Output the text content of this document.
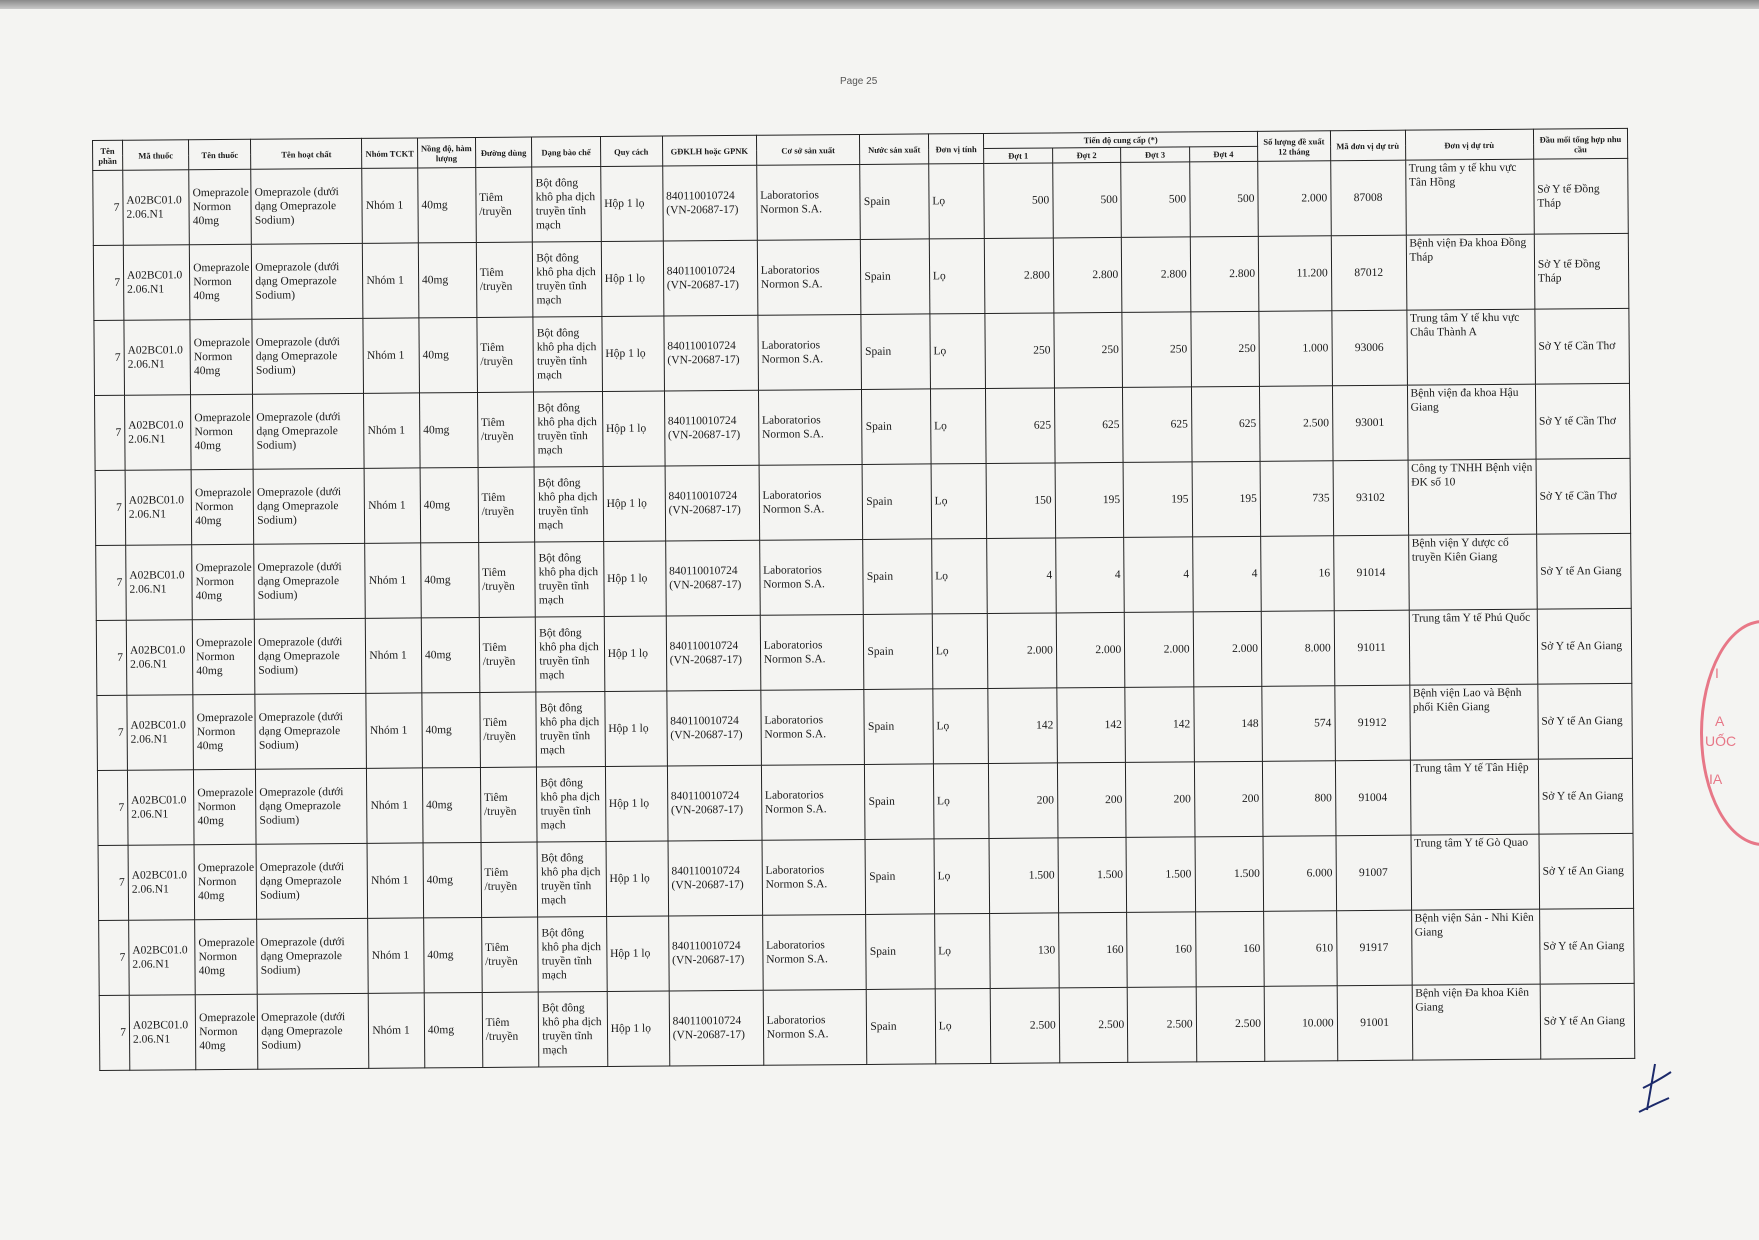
Page 25
Tên phần	Mã thuốc	Tên thuốc	Tên hoạt chất	Nhóm TCKT	Nồng độ, hàm lượng	Đường dùng	Dạng bào chế	Quy cách	GĐKLH hoặc GPNK	Cơ sở sản xuất	Nước sản xuất	Đơn vị tính	Tiến độ cung cấp (*)				Số lượng đề xuất 12 tháng	Mã đơn vị dự trù	Đơn vị dự trù	Đầu mối tổng hợp nhu cầu
													Đợt 1	Đợt 2	Đợt 3	Đợt 4				
7	A02BC01.0 2.06.N1	Omeprazole Normon 40mg	Omeprazole (dưới dạng Omeprazole Sodium)	Nhóm 1	40mg	Tiêm /truyền	Bột đông khô pha dịch truyền tĩnh mạch	Hộp 1 lọ	840110010724 (VN-20687-17)	Laboratorios Normon S.A.	Spain	Lọ	500	500	500	500	2.000	87008	Trung tâm y tế khu vực Tân Hồng	Sở Y tế Đồng Tháp
7	A02BC01.0 2.06.N1	Omeprazole Normon 40mg	Omeprazole (dưới dạng Omeprazole Sodium)	Nhóm 1	40mg	Tiêm /truyền	Bột đông khô pha dịch truyền tĩnh mạch	Hộp 1 lọ	840110010724 (VN-20687-17)	Laboratorios Normon S.A.	Spain	Lọ	2.800	2.800	2.800	2.800	11.200	87012	Bệnh viện Đa khoa Đồng Tháp	Sở Y tế Đồng Tháp
7	A02BC01.0 2.06.N1	Omeprazole Normon 40mg	Omeprazole (dưới dạng Omeprazole Sodium)	Nhóm 1	40mg	Tiêm /truyền	Bột đông khô pha dịch truyền tĩnh mạch	Hộp 1 lọ	840110010724 (VN-20687-17)	Laboratorios Normon S.A.	Spain	Lọ	250	250	250	250	1.000	93006	Trung tâm Y tế khu vực Châu Thành A	Sở Y tế Cần Thơ
7	A02BC01.0 2.06.N1	Omeprazole Normon 40mg	Omeprazole (dưới dạng Omeprazole Sodium)	Nhóm 1	40mg	Tiêm /truyền	Bột đông khô pha dịch truyền tĩnh mạch	Hộp 1 lọ	840110010724 (VN-20687-17)	Laboratorios Normon S.A.	Spain	Lọ	625	625	625	625	2.500	93001	Bệnh viện đa khoa Hậu Giang	Sở Y tế Cần Thơ
7	A02BC01.0 2.06.N1	Omeprazole Normon 40mg	Omeprazole (dưới dạng Omeprazole Sodium)	Nhóm 1	40mg	Tiêm /truyền	Bột đông khô pha dịch truyền tĩnh mạch	Hộp 1 lọ	840110010724 (VN-20687-17)	Laboratorios Normon S.A.	Spain	Lọ	150	195	195	195	735	93102	Công ty TNHH Bệnh viện ĐK số 10	Sở Y tế Cần Thơ
7	A02BC01.0 2.06.N1	Omeprazole Normon 40mg	Omeprazole (dưới dạng Omeprazole Sodium)	Nhóm 1	40mg	Tiêm /truyền	Bột đông khô pha dịch truyền tĩnh mạch	Hộp 1 lọ	840110010724 (VN-20687-17)	Laboratorios Normon S.A.	Spain	Lọ	4	4	4	4	16	91014	Bệnh viện Y dược cổ truyền Kiên Giang	Sở Y tế An Giang
7	A02BC01.0 2.06.N1	Omeprazole Normon 40mg	Omeprazole (dưới dạng Omeprazole Sodium)	Nhóm 1	40mg	Tiêm /truyền	Bột đông khô pha dịch truyền tĩnh mạch	Hộp 1 lọ	840110010724 (VN-20687-17)	Laboratorios Normon S.A.	Spain	Lọ	2.000	2.000	2.000	2.000	8.000	91011	Trung tâm Y tế Phú Quốc	Sở Y tế An Giang
7	A02BC01.0 2.06.N1	Omeprazole Normon 40mg	Omeprazole (dưới dạng Omeprazole Sodium)	Nhóm 1	40mg	Tiêm /truyền	Bột đông khô pha dịch truyền tĩnh mạch	Hộp 1 lọ	840110010724 (VN-20687-17)	Laboratorios Normon S.A.	Spain	Lọ	142	142	142	148	574	91912	Bệnh viện Lao và Bệnh phổi Kiên Giang	Sở Y tế An Giang
7	A02BC01.0 2.06.N1	Omeprazole Normon 40mg	Omeprazole (dưới dạng Omeprazole Sodium)	Nhóm 1	40mg	Tiêm /truyền	Bột đông khô pha dịch truyền tĩnh mạch	Hộp 1 lọ	840110010724 (VN-20687-17)	Laboratorios Normon S.A.	Spain	Lọ	200	200	200	200	800	91004	Trung tâm Y tế Tân Hiệp	Sở Y tế An Giang
7	A02BC01.0 2.06.N1	Omeprazole Normon 40mg	Omeprazole (dưới dạng Omeprazole Sodium)	Nhóm 1	40mg	Tiêm /truyền	Bột đông khô pha dịch truyền tĩnh mạch	Hộp 1 lọ	840110010724 (VN-20687-17)	Laboratorios Normon S.A.	Spain	Lọ	1.500	1.500	1.500	1.500	6.000	91007	Trung tâm Y tế Gò Quao	Sở Y tế An Giang
7	A02BC01.0 2.06.N1	Omeprazole Normon 40mg	Omeprazole (dưới dạng Omeprazole Sodium)	Nhóm 1	40mg	Tiêm /truyền	Bột đông khô pha dịch truyền tĩnh mạch	Hộp 1 lọ	840110010724 (VN-20687-17)	Laboratorios Normon S.A.	Spain	Lọ	130	160	160	160	610	91917	Bệnh viện Sản - Nhi Kiên Giang	Sở Y tế An Giang
7	A02BC01.0 2.06.N1	Omeprazole Normon 40mg	Omeprazole (dưới dạng Omeprazole Sodium)	Nhóm 1	40mg	Tiêm /truyền	Bột đông khô pha dịch truyền tĩnh mạch	Hộp 1 lọ	840110010724 (VN-20687-17)	Laboratorios Normon S.A.	Spain	Lọ	2.500	2.500	2.500	2.500	10.000	91001	Bệnh viện Đa khoa Kiên Giang	Sở Y tế An Giang
I
A
UỐC
IA
